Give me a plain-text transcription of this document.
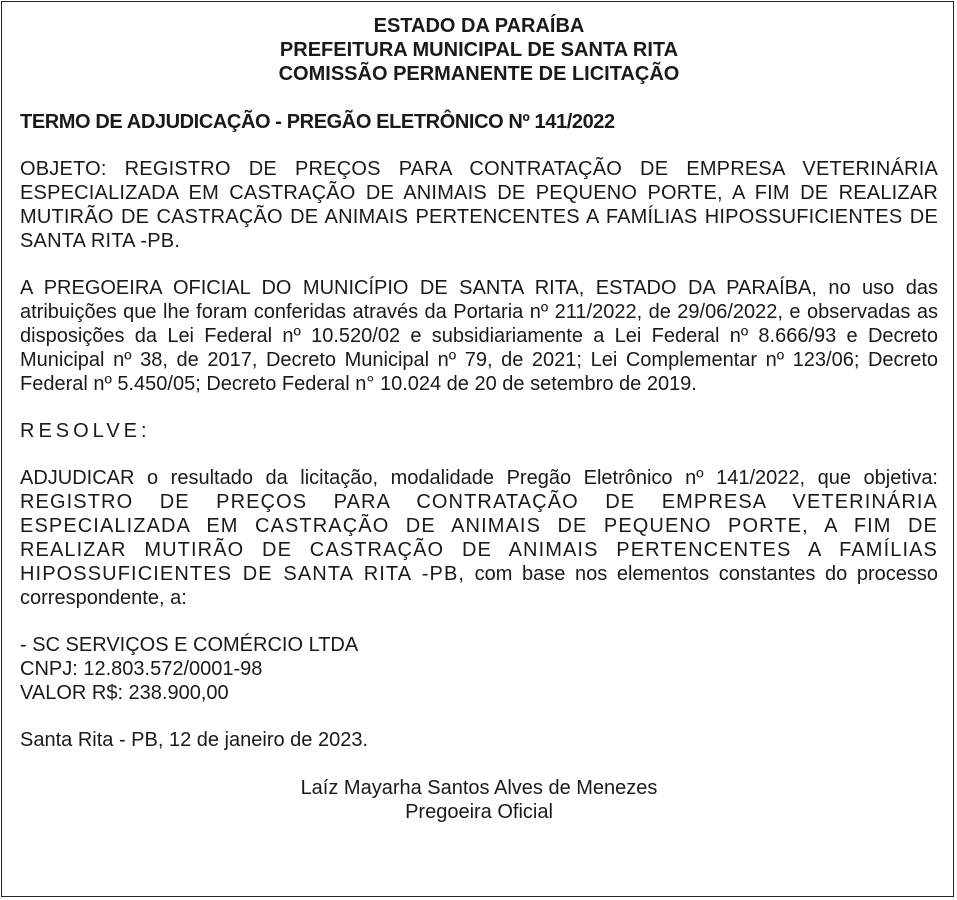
ESTADO DA PARAÍBA
PREFEITURA MUNICIPAL DE SANTA RITA
COMISSÃO PERMANENTE DE LICITAÇÃO

TERMO DE ADJUDICAÇÃO - PREGÃO ELETRÔNICO Nº 141/2022

OBJETO: REGISTRO DE PREÇOS PARA CONTRATAÇÃO DE EMPRESA VETERINÁRIA ESPECIALIZADA EM CASTRAÇÃO DE ANIMAIS DE PEQUENO PORTE, A FIM DE REALIZAR MUTIRÃO DE CASTRAÇÃO DE ANIMAIS PERTENCENTES A FAMÍLIAS HIPOSSUFICIENTES DE SANTA RITA -PB.

A PREGOEIRA OFICIAL DO MUNICÍPIO DE SANTA RITA, ESTADO DA PARAÍBA, no uso das atribuições que lhe foram conferidas através da Portaria nº 211/2022, de 29/06/2022, e observadas as disposições da Lei Federal nº 10.520/02 e subsidiariamente a Lei Federal nº 8.666/93 e Decreto Municipal nº 38, de 2017, Decreto Municipal nº 79, de 2021; Lei Complementar nº 123/06; Decreto Federal nº 5.450/05; Decreto Federal n° 10.024 de 20 de setembro de 2019.

RESOLVE:

ADJUDICAR o resultado da licitação, modalidade Pregão Eletrônico nº 141/2022, que objetiva: REGISTRO DE PREÇOS PARA CONTRATAÇÃO DE EMPRESA VETERINÁRIA ESPECIALIZADA EM CASTRAÇÃO DE ANIMAIS DE PEQUENO PORTE, A FIM DE REALIZAR MUTIRÃO DE CASTRAÇÃO DE ANIMAIS PERTENCENTES A FAMÍLIAS HIPOSSUFICIENTES DE SANTA RITA -PB, com base nos elementos constantes do processo correspondente, a:

- SC SERVIÇOS E COMÉRCIO LTDA
CNPJ: 12.803.572/0001-98
VALOR R$: 238.900,00

Santa Rita - PB, 12 de janeiro de 2023.

Laíz Mayarha Santos Alves de Menezes
Pregoeira Oficial
